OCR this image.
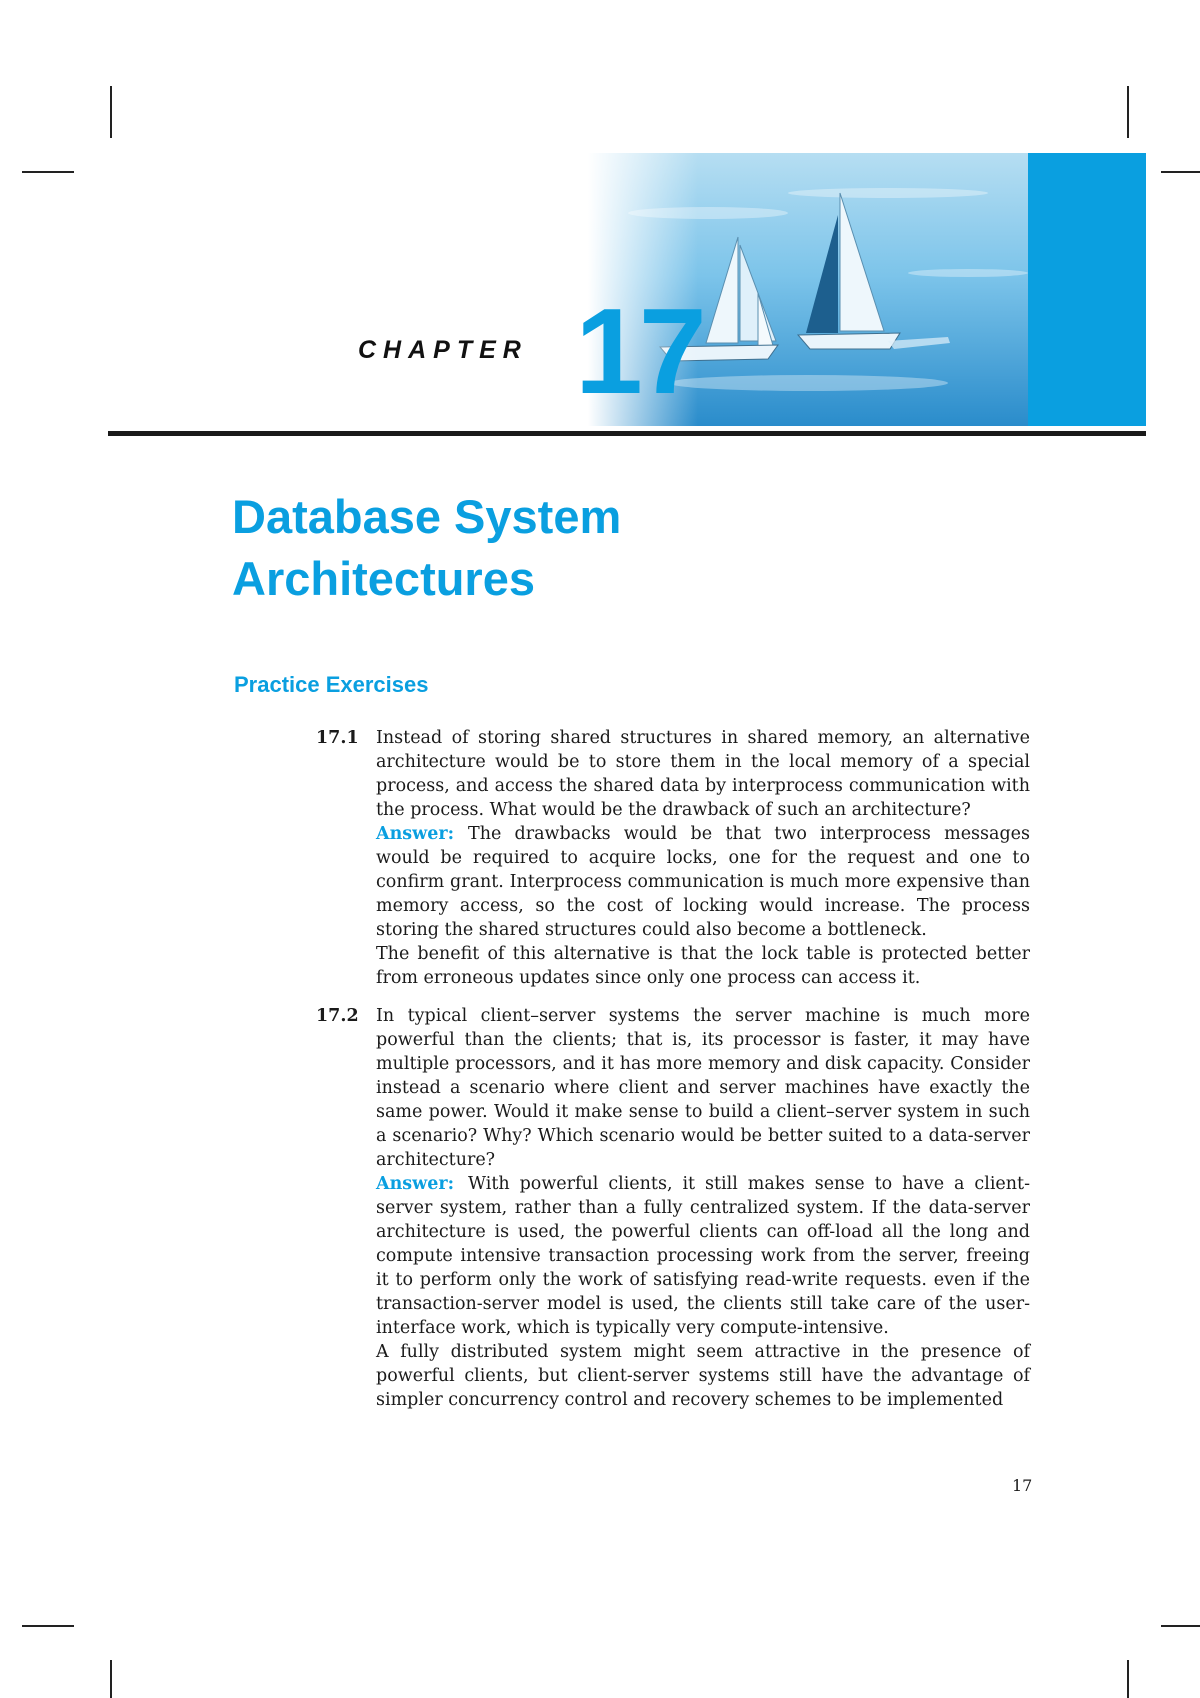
CHAPTER 17
Database System
Architectures
Practice Exercises
17.1 Instead of storing shared structures in shared memory, an alternative architecture would be to store them in the local memory of a special process, and access the shared data by interprocess communication with the process. What would be the drawback of such an architecture?

Answer: The drawbacks would be that two interprocess messages would be required to acquire locks, one for the request and one to confirm grant. Interprocess communication is much more expensive than memory access, so the cost of locking would increase. The process storing the shared structures could also become a bottleneck.

The benefit of this alternative is that the lock table is protected better from erroneous updates since only one process can access it.

17.2 In typical client–server systems the server machine is much more powerful than the clients; that is, its processor is faster, it may have multiple processors, and it has more memory and disk capacity. Consider instead a scenario where client and server machines have exactly the same power. Would it make sense to build a client–server system in such a scenario? Why? Which scenario would be better suited to a data-server architecture?

Answer: With powerful clients, it still makes sense to have a client-server system, rather than a fully centralized system. If the data-server architecture is used, the powerful clients can off-load all the long and compute intensive transaction processing work from the server, freeing it to perform only the work of satisfying read-write requests. even if the transaction-server model is used, the clients still take care of the user-interface work, which is typically very compute-intensive.

A fully distributed system might seem attractive in the presence of powerful clients, but client-server systems still have the advantage of simpler concurrency control and recovery schemes to be implemented

17
